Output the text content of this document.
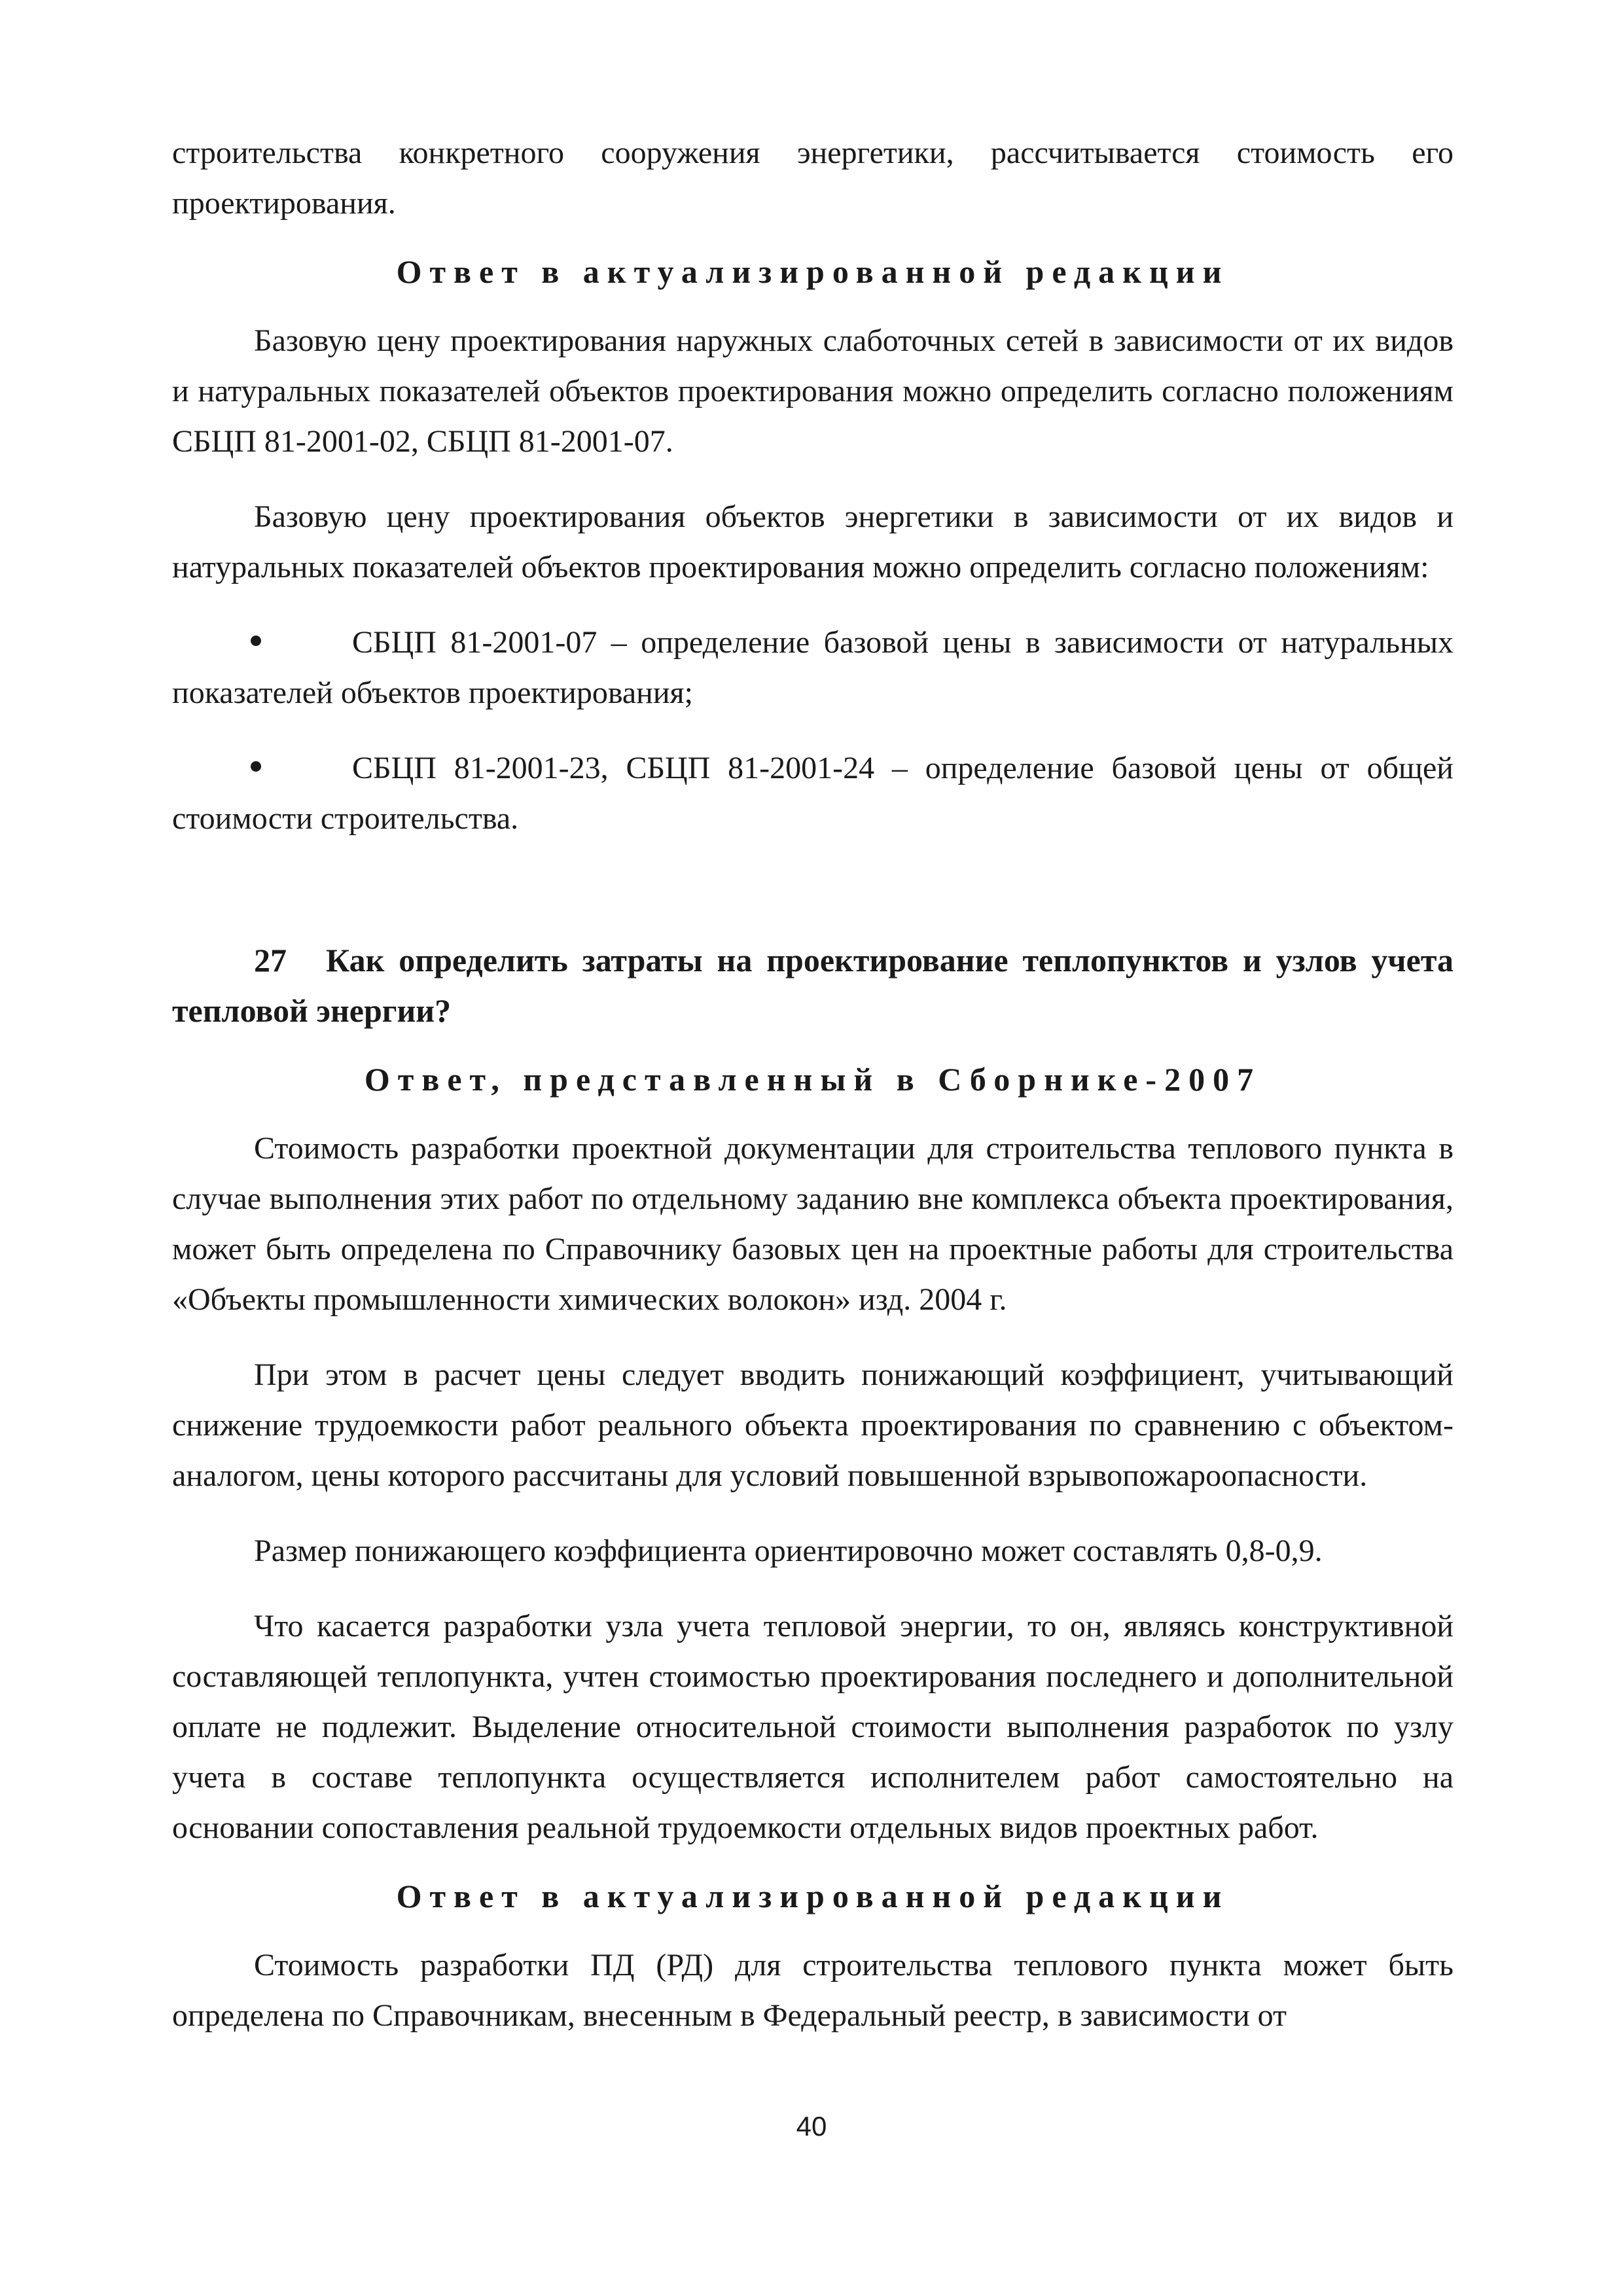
строительства конкретного сооружения энергетики, рассчитывается стоимость его проектирования.

Ответ в актуализированной редакции

Базовую цену проектирования наружных слаботочных сетей в зависимости от их видов и натуральных показателей объектов проектирования можно определить согласно положениям СБЦП 81-2001-02, СБЦП 81-2001-07.

Базовую цену проектирования объектов энергетики в зависимости от их видов и натуральных показателей объектов проектирования можно определить согласно положениям:

СБЦП 81-2001-07 – определение базовой цены в зависимости от натуральных показателей объектов проектирования;

СБЦП 81-2001-23, СБЦП 81-2001-24 – определение базовой цены от общей стоимости строительства.

27 Как определить затраты на проектирование теплопунктов и узлов учета тепловой энергии?

Ответ, представленный в Сборнике-2007

Стоимость разработки проектной документации для строительства теплового пункта в случае выполнения этих работ по отдельному заданию вне комплекса объекта проектирования, может быть определена по Справочнику базовых цен на проектные работы для строительства «Объекты промышленности химических волокон» изд. 2004 г.

При этом в расчет цены следует вводить понижающий коэффициент, учитывающий снижение трудоемкости работ реального объекта проектирования по сравнению с объектом-аналогом, цены которого рассчитаны для условий повышенной взрывопожароопасности.

Размер понижающего коэффициента ориентировочно может составлять 0,8-0,9.

Что касается разработки узла учета тепловой энергии, то он, являясь конструктивной составляющей теплопункта, учтен стоимостью проектирования последнего и дополнительной оплате не подлежит. Выделение относительной стоимости выполнения разработок по узлу учета в составе теплопункта осуществляется исполнителем работ самостоятельно на основании сопоставления реальной трудоемкости отдельных видов проектных работ.

Ответ в актуализированной редакции

Стоимость разработки ПД (РД) для строительства теплового пункта может быть определена по Справочникам, внесенным в Федеральный реестр, в зависимости от

40
